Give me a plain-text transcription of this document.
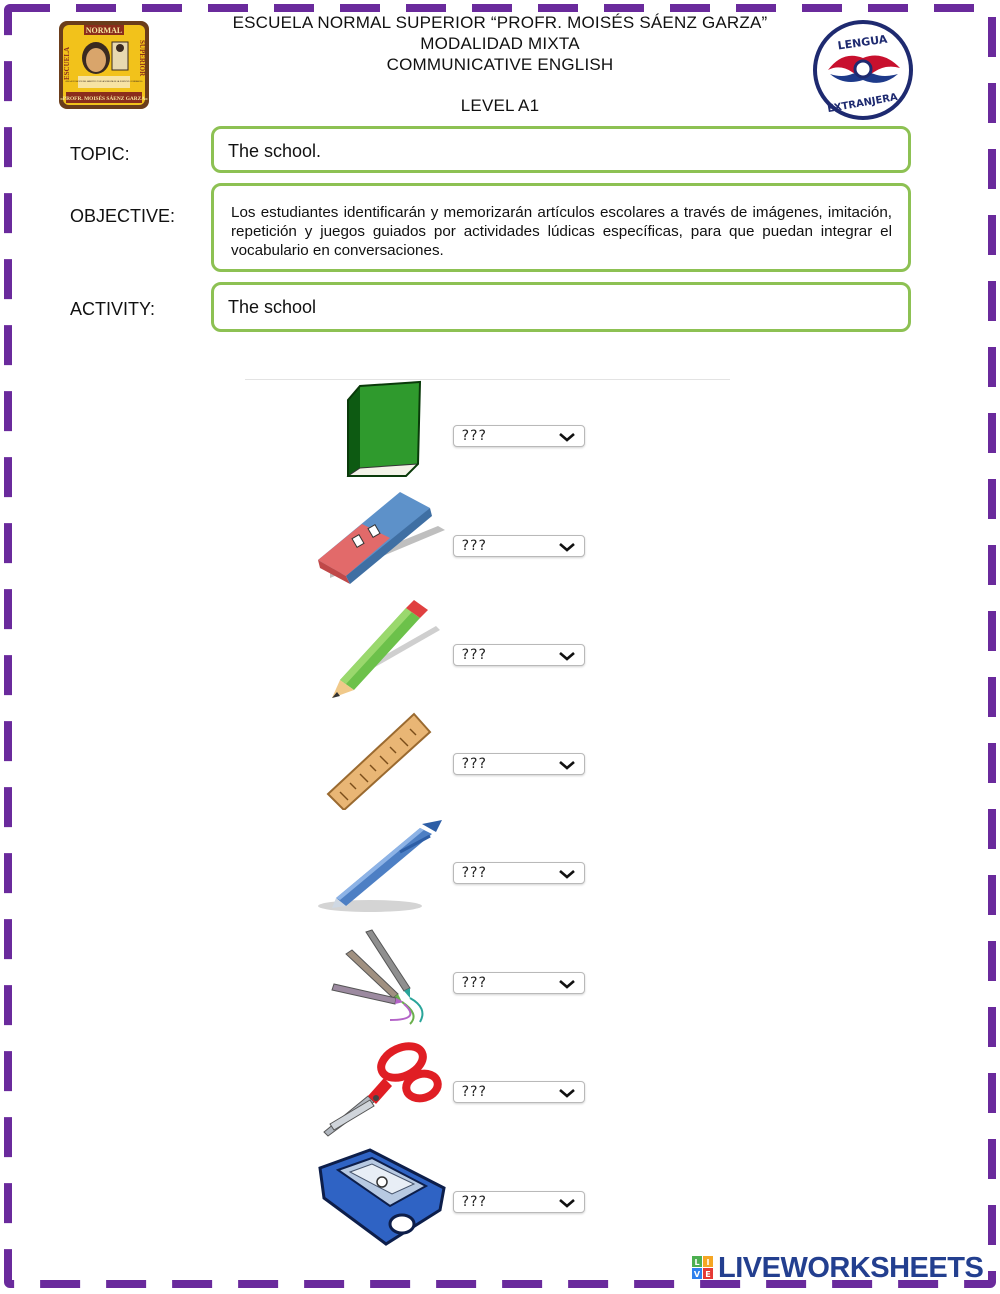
ESCUELA NORMAL SUPERIOR “PROFR. MOISÉS SÁENZ GARZA”
MODALIDAD MIXTA
COMMUNICATIVE ENGLISH
LEVEL A1
NORMAL
ESCUELA	SUPERIOR
«EN LA VOCACIÓN DEL MAESTRO Y EN LA NOBLEZA DE LA JUVENTUD CONFIAMOS»
«PROFR. MOISÉS SÁENZ GARZA»
LENGUA
EXTRANJERA
TOPIC:	The school.
OBJECTIVE:	Los estudiantes identificarán y memorizarán artículos escolares a través de imágenes, imitación, repetición y juegos guiados por actividades lúdicas específicas, para que puedan integrar el vocabulario en conversaciones.
ACTIVITY:	The school
???
???
???
???
???
???
???
???
L I
V E LIVEWORKSHEETS
